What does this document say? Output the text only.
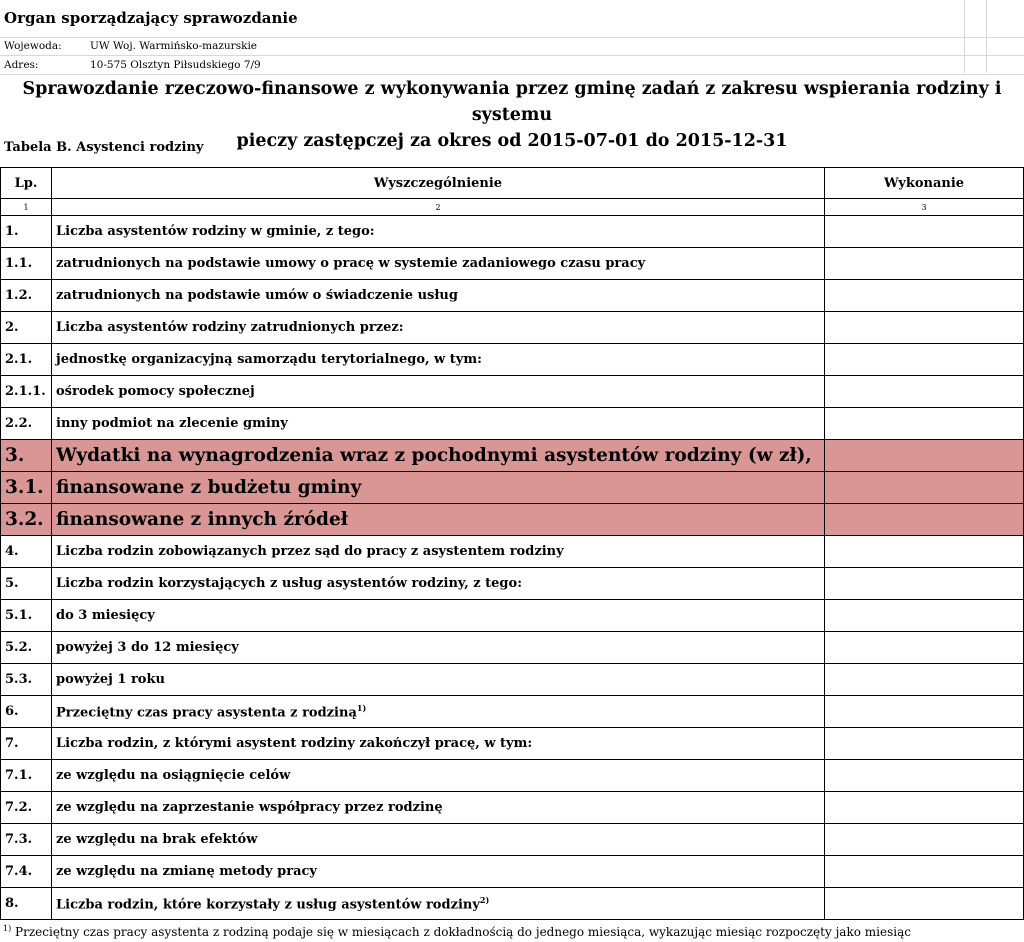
Organ sporządzający sprawozdanie
Wojewoda:	UW Woj. Warmińsko-mazurskie
Adres:	10-575 Olsztyn Piłsudskiego 7/9
Sprawozdanie rzeczowo-finansowe z wykonywania przez gminę zadań z zakresu wspierania rodziny i systemu
pieczy zastępczej za okres od 2015-07-01 do 2015-12-31
Tabela B. Asystenci rodziny
Lp.	Wyszczególnienie	Wykonanie
1	2	3
1.	Liczba asystentów rodziny w gminie, z tego:	
1.1.	zatrudnionych na podstawie umowy o pracę w systemie zadaniowego czasu pracy	
1.2.	zatrudnionych na podstawie umów o świadczenie usług	
2.	Liczba asystentów rodziny zatrudnionych przez:	
2.1.	jednostkę organizacyjną samorządu terytorialnego, w tym:	
2.1.1.	ośrodek pomocy społecznej	
2.2.	inny podmiot na zlecenie gminy	
3.	Wydatki na wynagrodzenia wraz z pochodnymi asystentów rodziny (w zł),	
3.1.	finansowane z budżetu gminy	
3.2.	finansowane z innych źródeł	
4.	Liczba rodzin zobowiązanych przez sąd do pracy z asystentem rodziny	
5.	Liczba rodzin korzystających z usług asystentów rodziny, z tego:	
5.1.	do 3 miesięcy	
5.2.	powyżej 3 do 12 miesięcy	
5.3.	powyżej 1 roku	
6.	Przeciętny czas pracy asystenta z rodziną$^{1)}$	
7.	Liczba rodzin, z którymi asystent rodziny zakończył pracę, w tym:	
7.1.	ze względu na osiągnięcie celów	
7.2.	ze względu na zaprzestanie współpracy przez rodzinę	
7.3.	ze względu na brak efektów	
7.4.	ze względu na zmianę metody pracy	
8.	Liczba rodzin, które korzystały z usług asystentów rodziny$^{2)}$	
$^{1)}$ Przeciętny czas pracy asystenta z rodziną podaje się w miesiącach z dokładnością do jednego miesiąca, wykazując miesiąc rozpoczęty jako miesiąc
